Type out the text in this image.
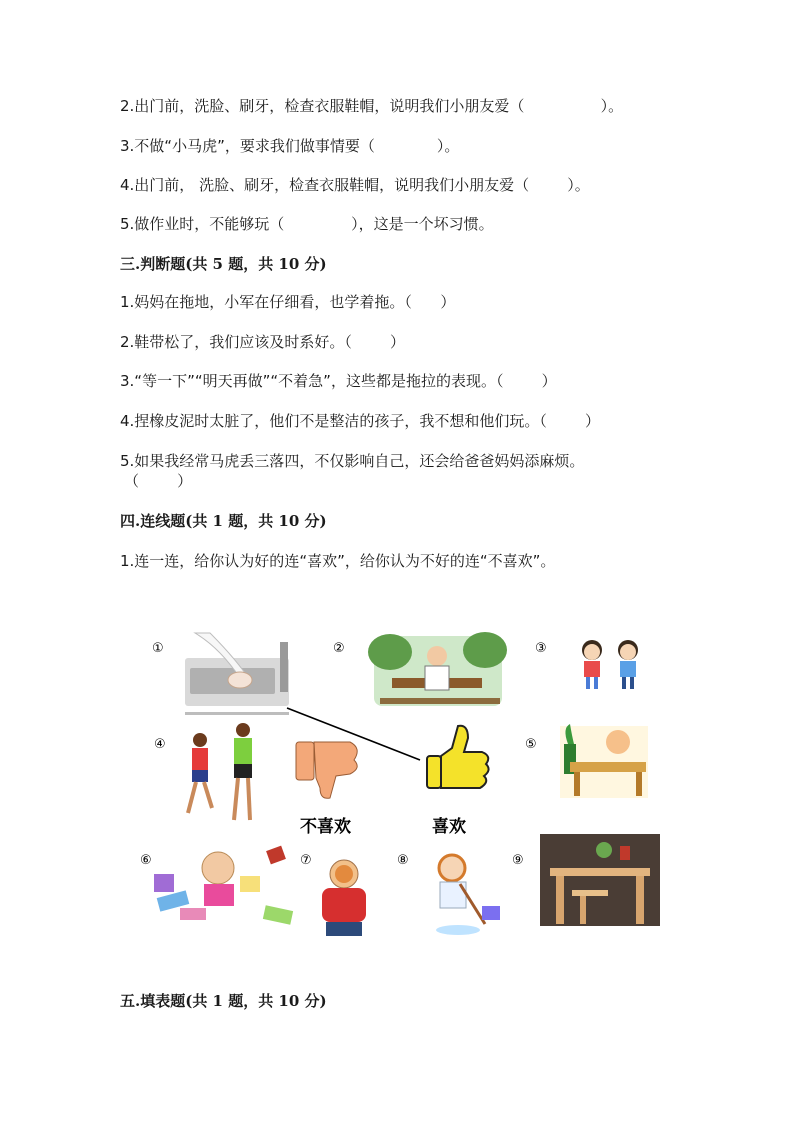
2.出门前，洗脸、刷牙，检查衣服鞋帽，说明我们小朋友爱（                ）。
3.不做“小马虎”，要求我们做事情要（             ）。
4.出门前， 洗脸、刷牙，检查衣服鞋帽，说明我们小朋友爱（        ）。
5.做作业时，不能够玩（              ），这是一个坏习惯。
三.判断题(共 5 题，共 10 分)
1.妈妈在拖地，小军在仔细看，也学着拖。（      ）
2.鞋带松了，我们应该及时系好。（        ）
3.“等一下”“明天再做”“不着急”，这些都是拖拉的表现。（        ）
4.捏橡皮泥时太脏了，他们不是整洁的孩子，我不想和他们玩。（        ）
5.如果我经常马虎丢三落四，不仅影响自己，还会给爸爸妈妈添麻烦。
（        ）
四.连线题(共 1 题，共 10 分)
1.连一连，给你认为好的连“喜欢”，给你认为不好的连“不喜欢”。
①	②	③
④	⑤
⑥	⑦	⑧	⑨
不喜欢	喜欢
五.填表题(共 1 题，共 10 分)
